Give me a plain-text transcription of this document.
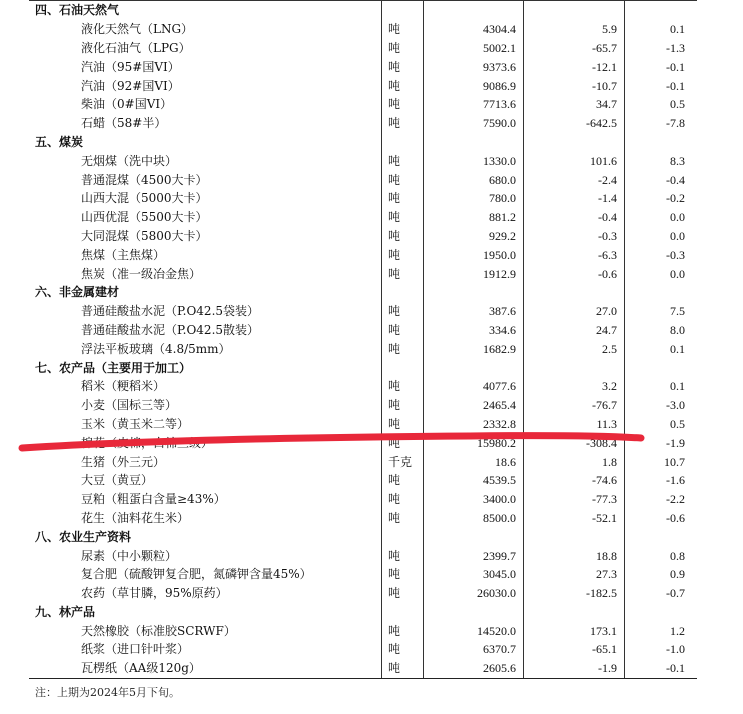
四、石油天然气				
液化天然气（LNG）	吨	4304.4	5.9	0.1
液化石油气（LPG）	吨	5002.1	-65.7	-1.3
汽油（95#国VI）	吨	9373.6	-12.1	-0.1
汽油（92#国VI）	吨	9086.9	-10.7	-0.1
柴油（0#国VI）	吨	7713.6	34.7	0.5
石蜡（58#半）	吨	7590.0	-642.5	-7.8
五、煤炭				
无烟煤（洗中块）	吨	1330.0	101.6	8.3
普通混煤（4500大卡）	吨	680.0	-2.4	-0.4
山西大混（5000大卡）	吨	780.0	-1.4	-0.2
山西优混（5500大卡）	吨	881.2	-0.4	0.0
大同混煤（5800大卡）	吨	929.2	-0.3	0.0
焦煤（主焦煤）	吨	1950.0	-6.3	-0.3
焦炭（准一级冶金焦）	吨	1912.9	-0.6	0.0
六、非金属建材				
普通硅酸盐水泥（P.O42.5袋装）	吨	387.6	27.0	7.5
普通硅酸盐水泥（P.O42.5散装）	吨	334.6	24.7	8.0
浮法平板玻璃（4.8/5mm）	吨	1682.9	2.5	0.1
七、农产品（主要用于加工）				
稻米（粳稻米）	吨	4077.6	3.2	0.1
小麦（国标三等）	吨	2465.4	-76.7	-3.0
玉米（黄玉米二等）	吨	2332.8	11.3	0.5
棉花（皮棉，白棉三级）	吨	15980.2	-308.4	-1.9
生猪（外三元）	千克	18.6	1.8	10.7
大豆（黄豆）	吨	4539.5	-74.6	-1.6
豆粕（粗蛋白含量≥43%）	吨	3400.0	-77.3	-2.2
花生（油料花生米）	吨	8500.0	-52.1	-0.6
八、农业生产资料				
尿素（中小颗粒）	吨	2399.7	18.8	0.8
复合肥（硫酸钾复合肥，氮磷钾含量45%）	吨	3045.0	27.3	0.9
农药（草甘膦，95%原药）	吨	26030.0	-182.5	-0.7
九、林产品				
天然橡胶（标准胶SCRWF）	吨	14520.0	173.1	1.2
纸浆（进口针叶浆）	吨	6370.7	-65.1	-1.0
瓦楞纸（AA级120g）	吨	2605.6	-1.9	-0.1
注：上期为2024年5月下旬。
